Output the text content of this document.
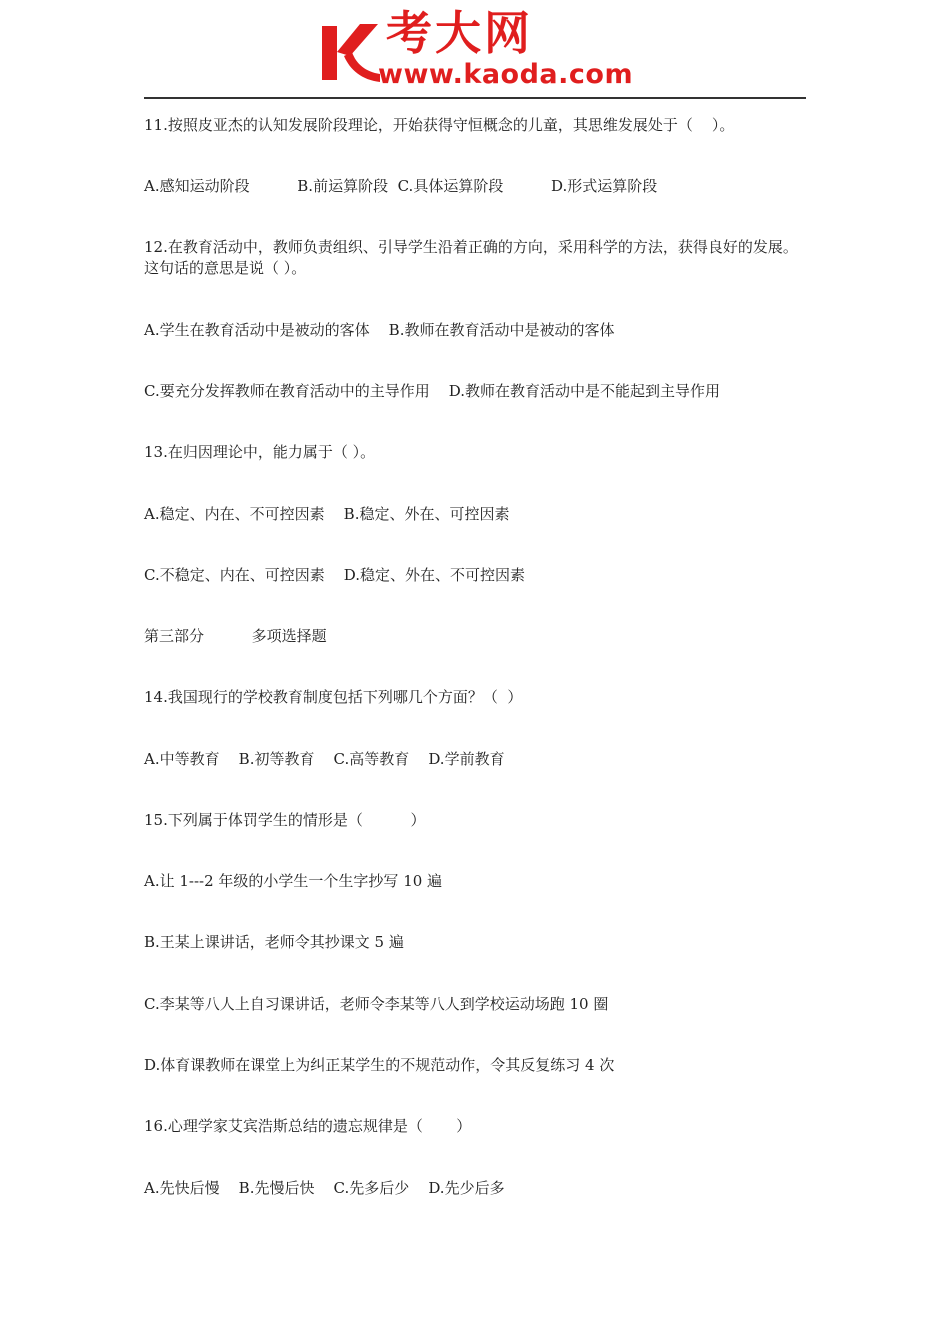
考大网
www.kaoda.com
11.按照皮亚杰的认知发展阶段理论，开始获得守恒概念的儿童，其思维发展处于（    ）。
A.感知运动阶段          B.前运算阶段  C.具体运算阶段          D.形式运算阶段
12.在教育活动中，教师负责组织、引导学生沿着正确的方向，采用科学的方法，获得良好的发展。这句话的意思是说（ ）。
A.学生在教育活动中是被动的客体    B.教师在教育活动中是被动的客体
C.要充分发挥教师在教育活动中的主导作用    D.教师在教育活动中是不能起到主导作用
13.在归因理论中，能力属于（ ）。
A.稳定、内在、不可控因素    B.稳定、外在、可控因素
C.不稳定、内在、可控因素    D.稳定、外在、不可控因素
第三部分          多项选择题
14.我国现行的学校教育制度包括下列哪几个方面？（  ）
A.中等教育    B.初等教育    C.高等教育    D.学前教育
15.下列属于体罚学生的情形是（          ）
A.让 1---2 年级的小学生一个生字抄写 10 遍
B.王某上课讲话，老师令其抄课文 5 遍
C.李某等八人上自习课讲话，老师令李某等八人到学校运动场跑 10 圈
D.体育课教师在课堂上为纠正某学生的不规范动作，令其反复练习 4 次
16.心理学家艾宾浩斯总结的遗忘规律是（       ）
A.先快后慢    B.先慢后快    C.先多后少    D.先少后多
